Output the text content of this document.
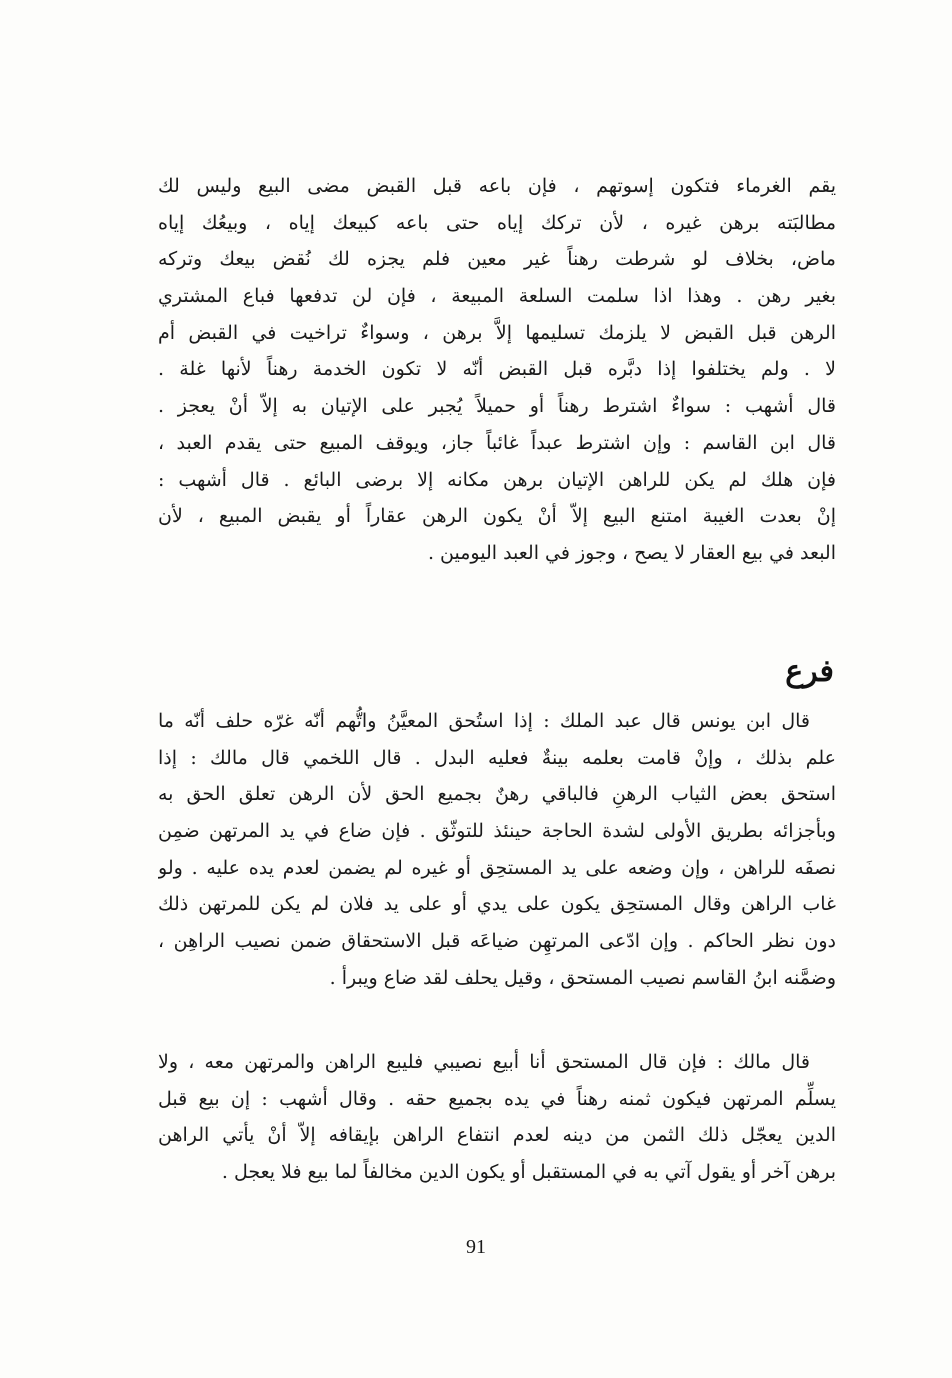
يقم الغرماء فتكون إسوتهم ، فإن باعه قبل القبض مضى البيع وليس لك
مطالبَته برهن غيره ، لأن تركك إياه حتى باعه كبيعك إياه ، وبيعُك إياه
ماض، بخلاف لو شرطت رهناً غير معين فلم يجزه لك نُقض بيعك وتركه
بغير رهن . وهذا اذا سلمت السلعة المبيعة ، فإن لن تدفعها فباع المشتري
الرهن قبل القبض لا يلزمك تسليمها إلاَّ برهن ، وسواءٌ تراخيت في القبض أم
لا . ولم يختلفوا إذا دبَّره قبل القبض أنّه لا تكون الخدمة رهناً لأنها غلة .
قال أشهب : سواءٌ اشترط رهناً أو حميلاً يُجبر على الإتيان به إلاّ أنْ يعجز .
قال ابن القاسم : وإن اشترط عبداً غائباً جاز، ويوقف المبيع حتى يقدم العبد ،
فإن هلك لم يكن للراهن الإتيان برهن مكانه إلا برضى البائع . قال أشهب :
إنْ بعدت الغيبة امتنع البيع إلاّ أنْ يكون الرهن عقاراً أو يقبض المبيع ، لأن
البعد في بيع العقار لا يصح ، وجوز في العبد اليومين .
فرع
قال ابن يونس قال عبد الملك : إذا استُحق المعيَّنُ واتُّهم أنّه غرّه حلف أنّه ما
علم بذلك ، وإنْ قامت بعلمه بينةٌ فعليه البدل . قال اللخمي قال مالك : إذا
استحق بعض الثياب الرهنِ فالباقي رهنٌ بجميع الحق لأن الرهن تعلق الحق به
وبأجزائه بطريق الأولى لشدة الحاجة حينئذ للتوثّق . فإن ضاع في يد المرتهن ضمِن
نصفَه للراهن ، وإن وضعه على يد المستحِق أو غيره لم يضمن لعدم يده عليه . ولو
غاب الراهن وقال المستحِق يكون على يدي أو على يد فلان لم يكن للمرتهن ذلك
دون نظر الحاكم . وإن ادّعى المرتهِن ضياعَه قبل الاستحقاق ضمن نصيب الراهِن ،
وضمَّنه ابنُ القاسم نصيب المستحق ، وقيل يحلف لقد ضاع ويبرأ .
قال مالك : فإن قال المستحق أنا أبيع نصيبي فليبع الراهن والمرتهن معه ، ولا
يسلِّم المرتهن فيكون ثمنه رهناً في يده بجميع حقه . وقال أشهب : إن بيع قبل
الدين يعجّل ذلك الثمن من دينه لعدم انتفاع الراهن بإيقافه إلاّ أنْ يأتي الراهن
برهن آخر أو يقول آتي به في المستقبل أو يكون الدين مخالفاً لما بيع فلا يعجل .
91
